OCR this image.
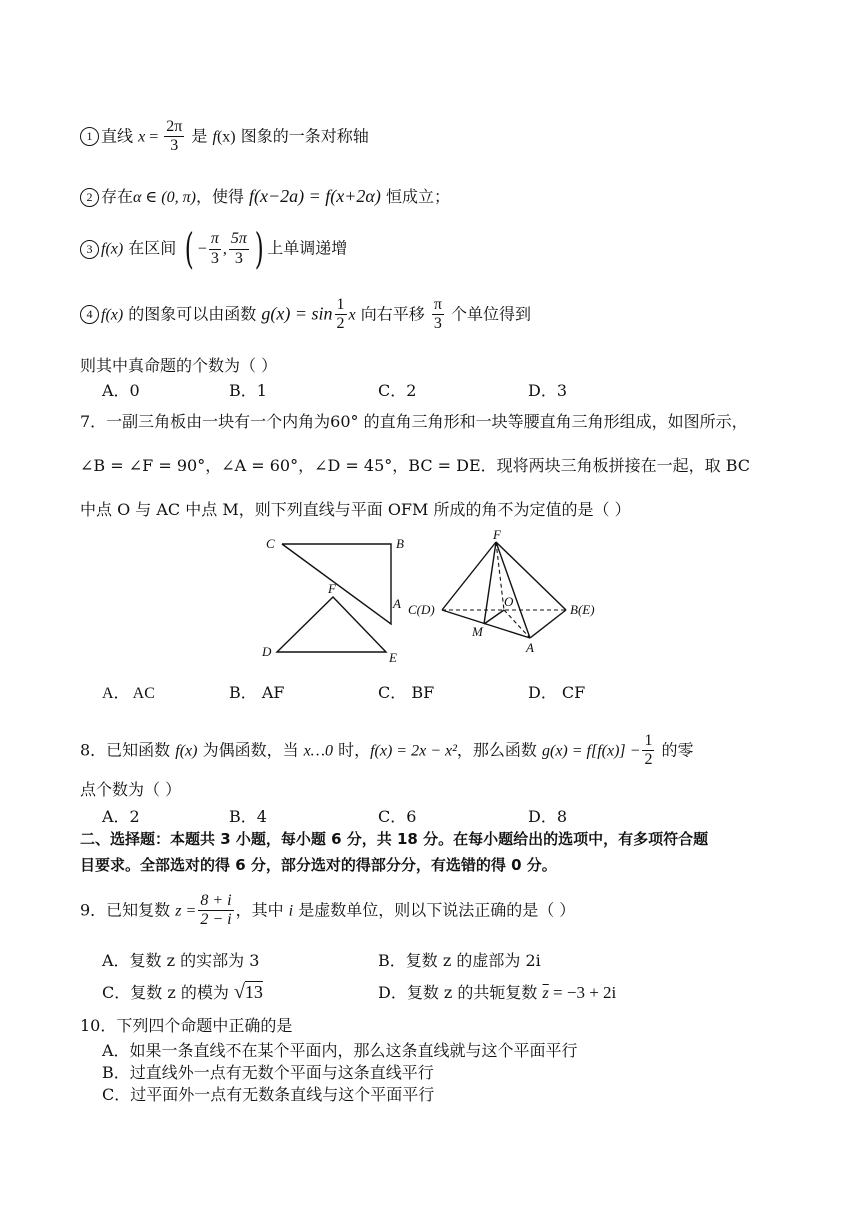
1 直线 $x = \frac{2\pi}{3}$ 是 f(x) 图象的一条对称轴
2 存在α ∈ (0, π)，使得 f(x−2a) = f(x+2α) 恒成立；
3 f(x) 在区间 ( − $\frac{\pi}{3}$ , $\frac{5\pi}{3}$ ) 上单调递增
4 f(x) 的图象可以由函数 $g(x) = \sin \frac{1}{2}$ x 向右平移 $\frac{\pi}{3}$ 个单位得到
则其中真命题的个数为（ ）
A．0	B．1	C．2	D．3
7．一副三角板由一块有一个内角为60° 的直角三角形和一块等腰直角三角形组成，如图所示，
∠B = ∠F = 90°，∠A = 60°，∠D = 45°，BC = DE．现将两块三角板拼接在一起，取 BC
中点 O 与 AC 中点 M，则下列直线与平面 OFM 所成的角不为定值的是（ ）
C	B
A
F
D	E
F
C(D)
O
B(E)
M
A
A． AC	B． AF	C． BF	D． CF
8．已知函数 f(x) 为偶函数，当 x…0 时，f(x) = 2x − x²，那么函数 $g(x) = f[f(x)] - \frac{1}{2}$ 的零
点个数为（ ）
A．2	B．4	C．6	D．8
二、选择题：本题共 3 小题，每小题 6 分，共 18 分。在每小题给出的选项中，有多项符合题
目要求。全部选对的得 6 分，部分选对的得部分分，有选错的得 0 分。
9．已知复数 $z = \frac{8 + i}{2 - i}$ ，其中 i 是虚数单位，则以下说法正确的是（ ）
A．复数 z 的实部为 3	B．复数 z 的虚部为 2i
C．复数 z 的模为 √13	D．复数 z 的共轭复数 $\overline{z} = -3 + 2i$
10．下列四个命题中正确的是
A．如果一条直线不在某个平面内，那么这条直线就与这个平面平行
B．过直线外一点有无数个平面与这条直线平行
C．过平面外一点有无数条直线与这个平面平行
